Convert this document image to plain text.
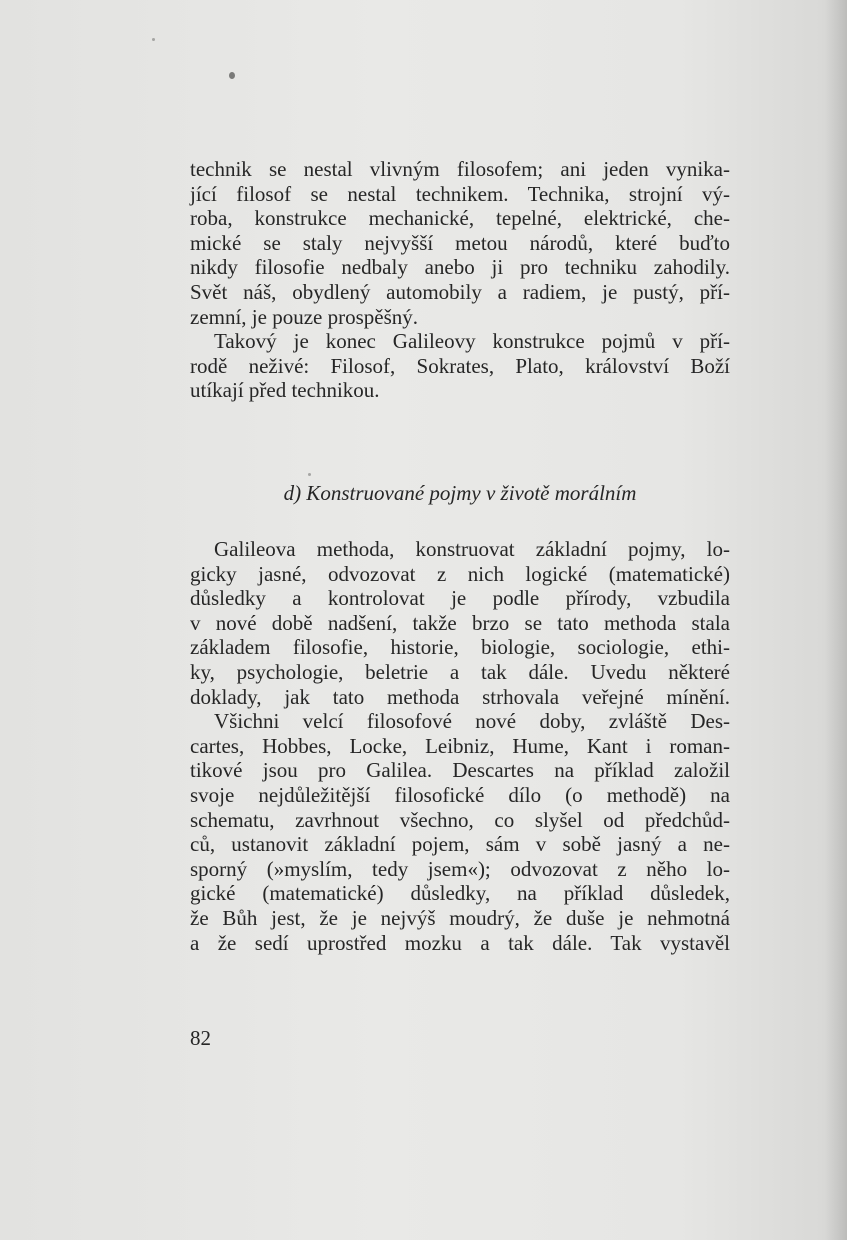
technik se nestal vlivným filosofem; ani jeden vynika-
jící filosof se nestal technikem. Technika, strojní vý-
roba, konstrukce mechanické, tepelné, elektrické, che-
mické se staly nejvyšší metou národů, které buďto
nikdy filosofie nedbaly anebo ji pro techniku zahodily.
Svět náš, obydlený automobily a radiem, je pustý, pří-
zemní, je pouze prospěšný.
Takový je konec Galileovy konstrukce pojmů v pří-
rodě neživé: Filosof, Sokrates, Plato, království Boží
utíkají před technikou.
d) Konstruované pojmy v životě morálním
Galileova methoda, konstruovat základní pojmy, lo-
gicky jasné, odvozovat z nich logické (matematické)
důsledky a kontrolovat je podle přírody, vzbudila
v nové době nadšení, takže brzo se tato methoda stala
základem filosofie, historie, biologie, sociologie, ethi-
ky, psychologie, beletrie a tak dále. Uvedu některé
doklady, jak tato methoda strhovala veřejné mínění.
Všichni velcí filosofové nové doby, zvláště Des-
cartes, Hobbes, Locke, Leibniz, Hume, Kant i roman-
tikové jsou pro Galilea. Descartes na příklad založil
svoje nejdůležitější filosofické dílo (o methodě) na
schematu, zavrhnout všechno, co slyšel od předchůd-
ců, ustanovit základní pojem, sám v sobě jasný a ne-
sporný (»myslím, tedy jsem«); odvozovat z něho lo-
gické (matematické) důsledky, na příklad důsledek,
že Bůh jest, že je nejvýš moudrý, že duše je nehmotná
a že sedí uprostřed mozku a tak dále. Tak vystavěl
82
